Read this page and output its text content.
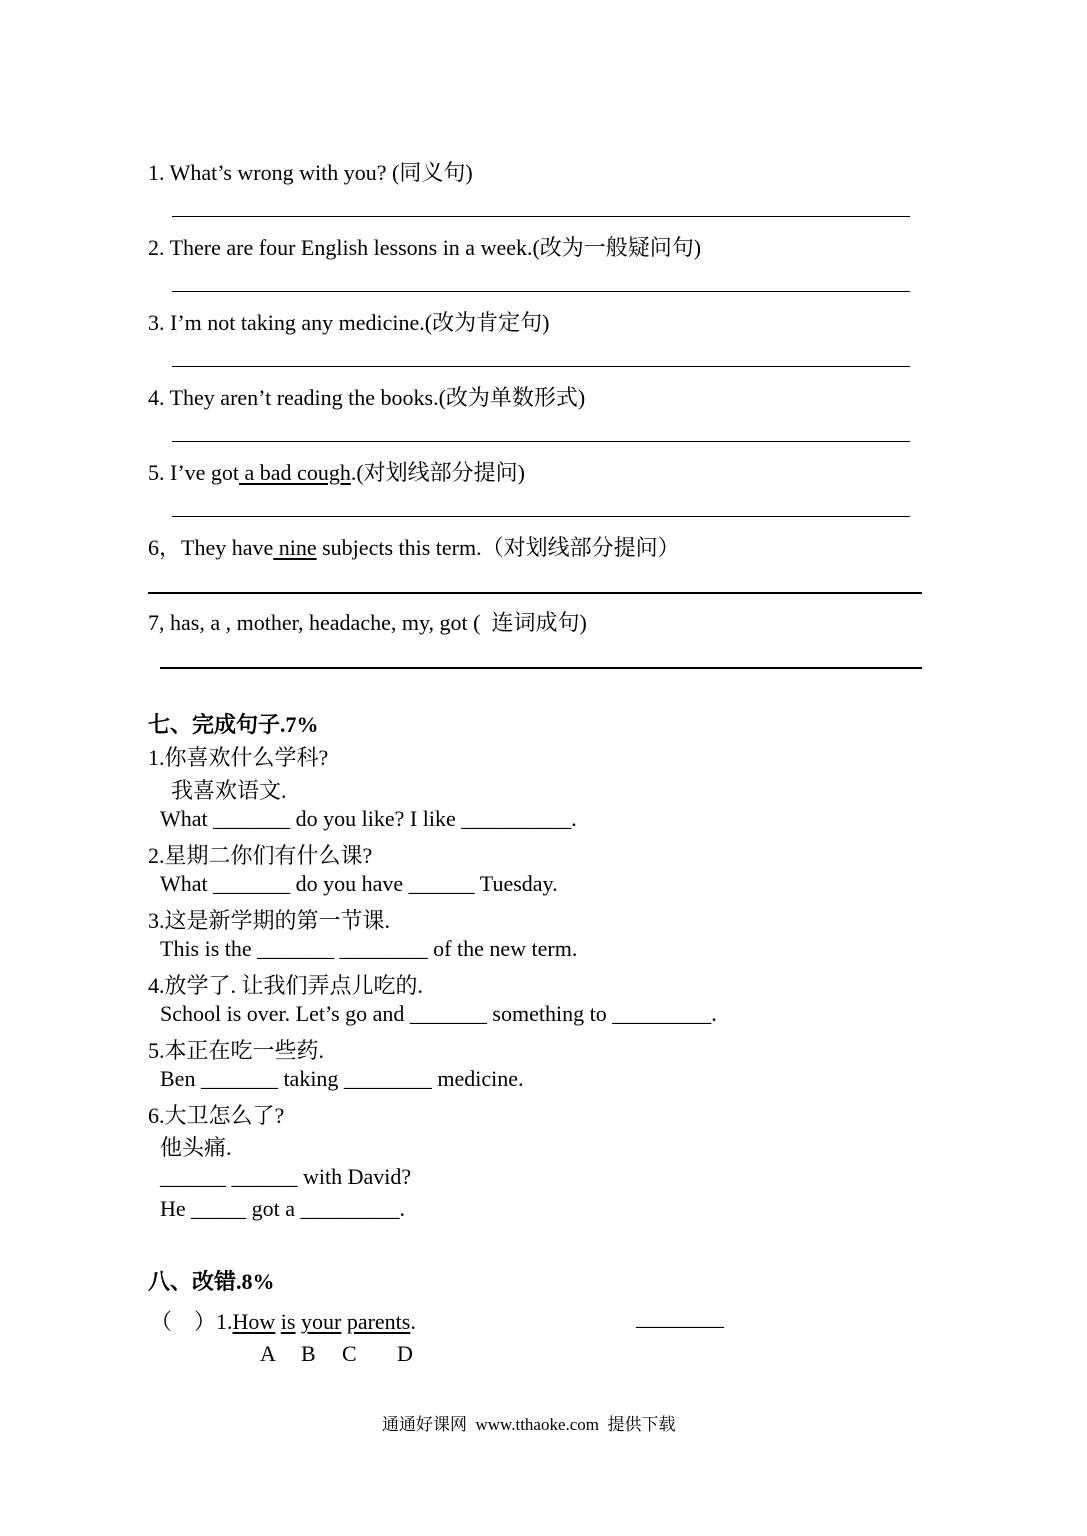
1. What’s wrong with you? (同义句)
2. There are four English lessons in a week.(改为一般疑问句)
3. I’m not taking any medicine.(改为肯定句)
4. They aren’t reading the books.(改为单数形式)
5. I’ve got a bad cough.(对划线部分提问)
6，They have nine subjects this term.（对划线部分提问）
7, has, a , mother, headache, my, got (  连词成句)
七、完成句子.7%
1.你喜欢什么学科?
我喜欢语文.
What _______ do you like? I like __________.
2.星期二你们有什么课?
What _______ do you have ______ Tuesday.
3.这是新学期的第一节课.
This is the _______ ________ of the new term.
4.放学了. 让我们弄点儿吃的.
School is over. Let’s go and _______ something to _________.
5.本正在吃一些药.
Ben _______ taking ________ medicine.
6.大卫怎么了?
他头痛.
______ ______ with David?
He _____ got a _________.
八、改错.8%
（    ）1.How is your parents.	________
A B C D
通通好课网  www.tthaoke.com  提供下载
